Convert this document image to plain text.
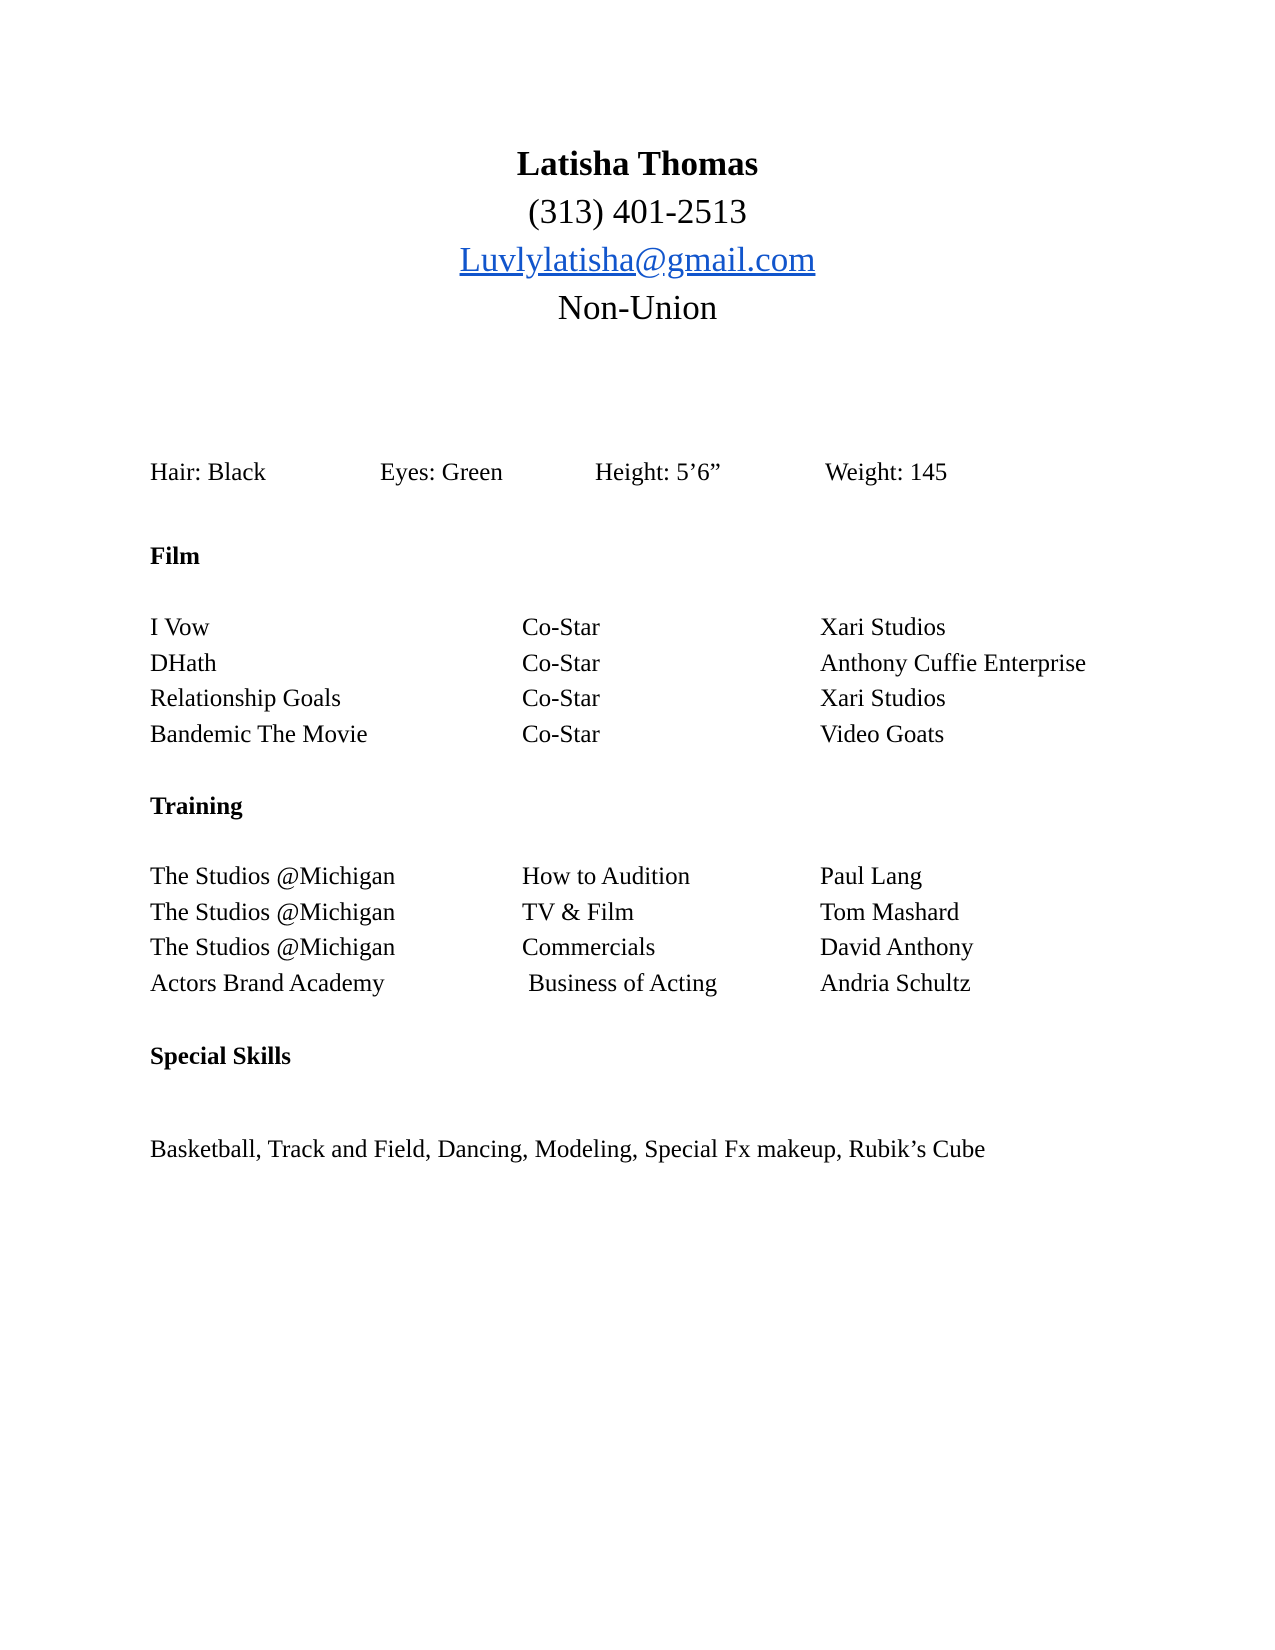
Latisha Thomas
(313) 401-2513
Luvlylatisha@gmail.com
Non-Union
Hair: Black	Eyes: Green	Height: 5’6”	Weight: 145
Film
I Vow	Co-Star	Xari Studios
DHath	Co-Star	Anthony Cuffie Enterprise
Relationship Goals	Co-Star	Xari Studios
Bandemic The Movie	Co-Star	Video Goats
Training
The Studios @Michigan	How to Audition	Paul Lang
The Studios @Michigan	TV & Film	Tom Mashard
The Studios @Michigan	Commercials	David Anthony
Actors Brand Academy	Business of Acting	Andria Schultz
Special Skills
Basketball, Track and Field, Dancing, Modeling, Special Fx makeup, Rubik’s Cube
